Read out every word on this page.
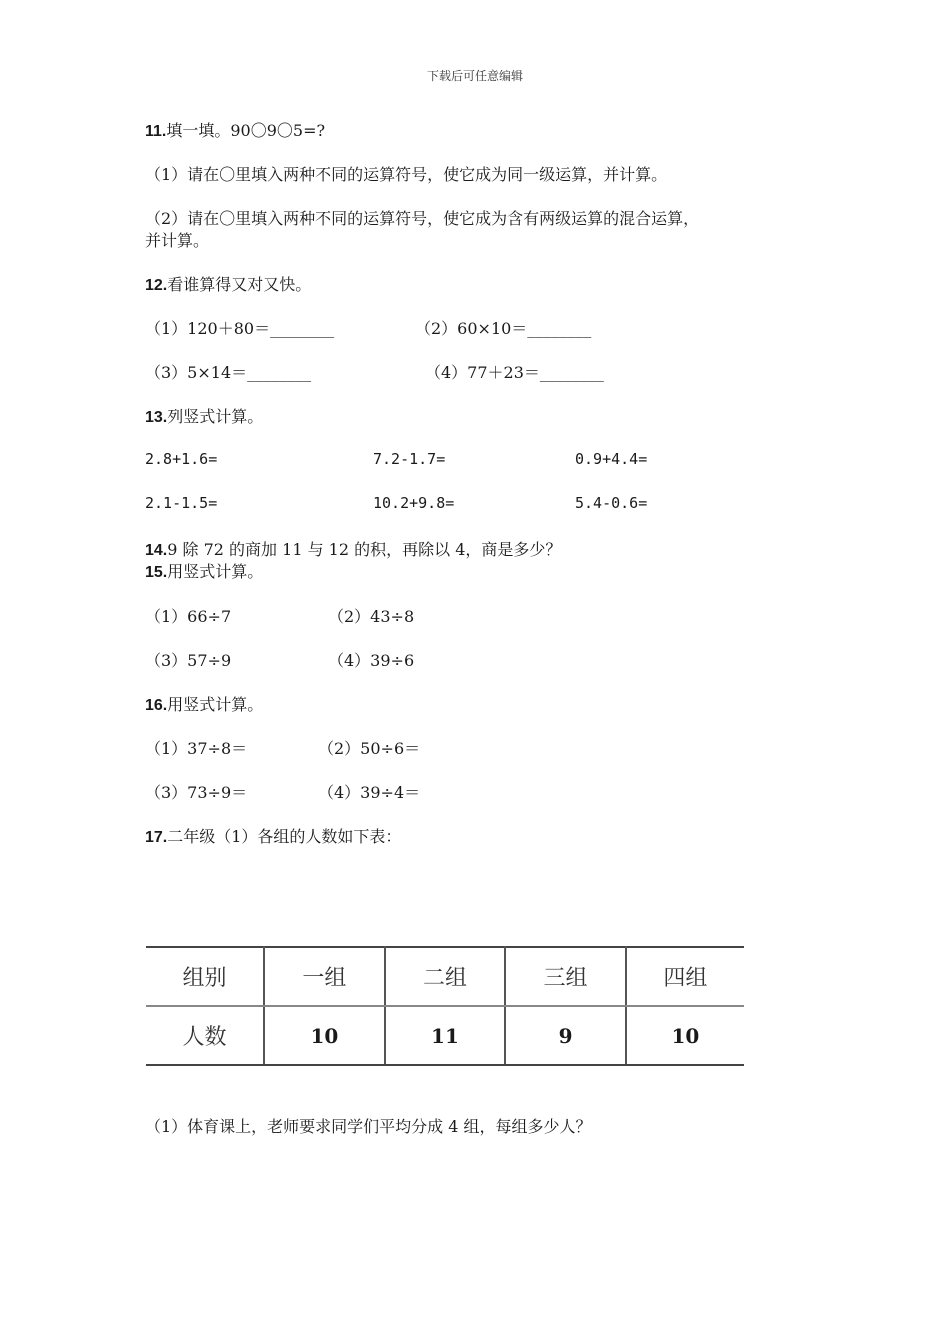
下载后可任意编辑
11.填一填。90〇9〇5=?
（1）请在〇里填入两种不同的运算符号，使它成为同一级运算，并计算。
（2）请在〇里填入两种不同的运算符号，使它成为含有两级运算的混合运算，
并计算。
12.看谁算得又对又快。
（1）120＋80＝________	（2）60×10＝________
（3）5×14＝________	（4）77＋23＝________
13.列竖式计算。
2.8+1.6=	7.2-1.7=	0.9+4.4=
2.1-1.5=	10.2+9.8=	5.4-0.6=
14.9 除 72 的商加 11 与 12 的积，再除以 4，商是多少？
15.用竖式计算。
（1）66÷7	（2）43÷8
（3）57÷9	（4）39÷6
16.用竖式计算。
（1）37÷8＝	（2）50÷6＝
（3）73÷9＝	（4）39÷4＝
17.二年级（1）各组的人数如下表：
组别	一组	二组	三组	四组
人数	10	11	9	10
（1）体育课上，老师要求同学们平均分成 4 组，每组多少人？
